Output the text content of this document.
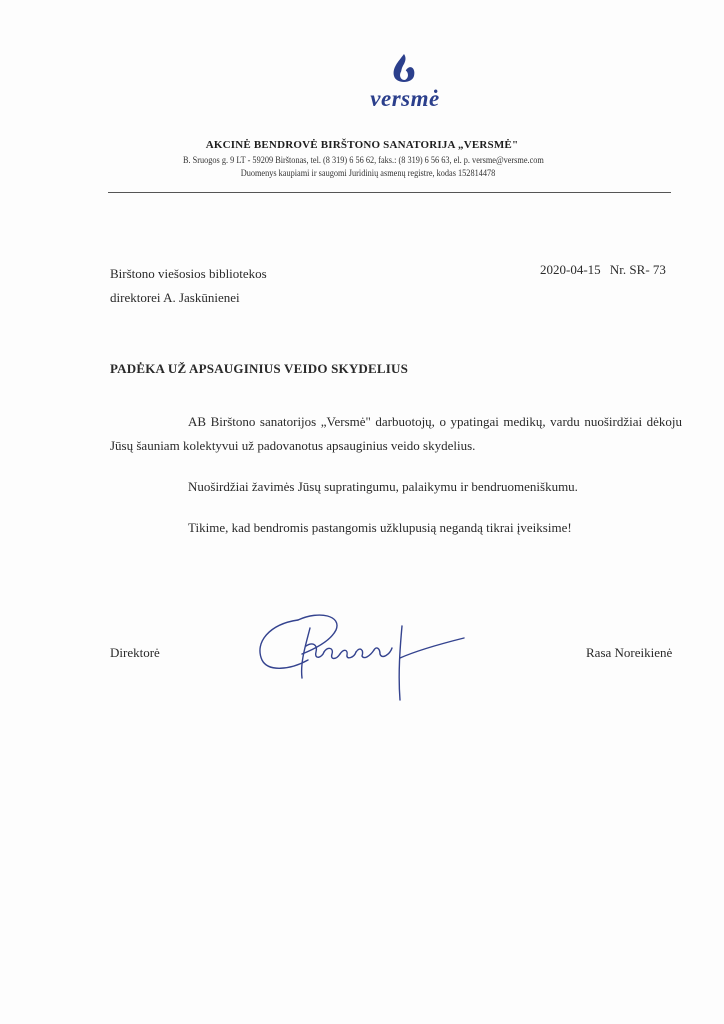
versmė
AKCINĖ BENDROVĖ BIRŠTONO SANATORIJA „VERSMĖ"
B. Sruogos g. 9 LT - 59209 Birštonas, tel. (8 319) 6 56 62, faks.: (8 319) 6 56 63, el. p. versme@versme.com
Duomenys kaupiami ir saugomi Juridinių asmenų registre, kodas 152814478
Birštono viešosios bibliotekos
direktorei A. Jaskūnienei
2020-04-15 Nr. SR- 73
PADĖKA UŽ APSAUGINIUS VEIDO SKYDELIUS
AB Birštono sanatorijos „Versmė" darbuotojų, o ypatingai medikų, vardu nuoširdžiai dėkoju Jūsų šauniam kolektyvui už padovanotus apsauginius veido skydelius.
Nuoširdžiai žavimės Jūsų supratingumu, palaikymu ir bendruomeniškumu.
Tikime, kad bendromis pastangomis užklupusią negandą tikrai įveiksime!
Direktorė	Rasa Noreikienė
